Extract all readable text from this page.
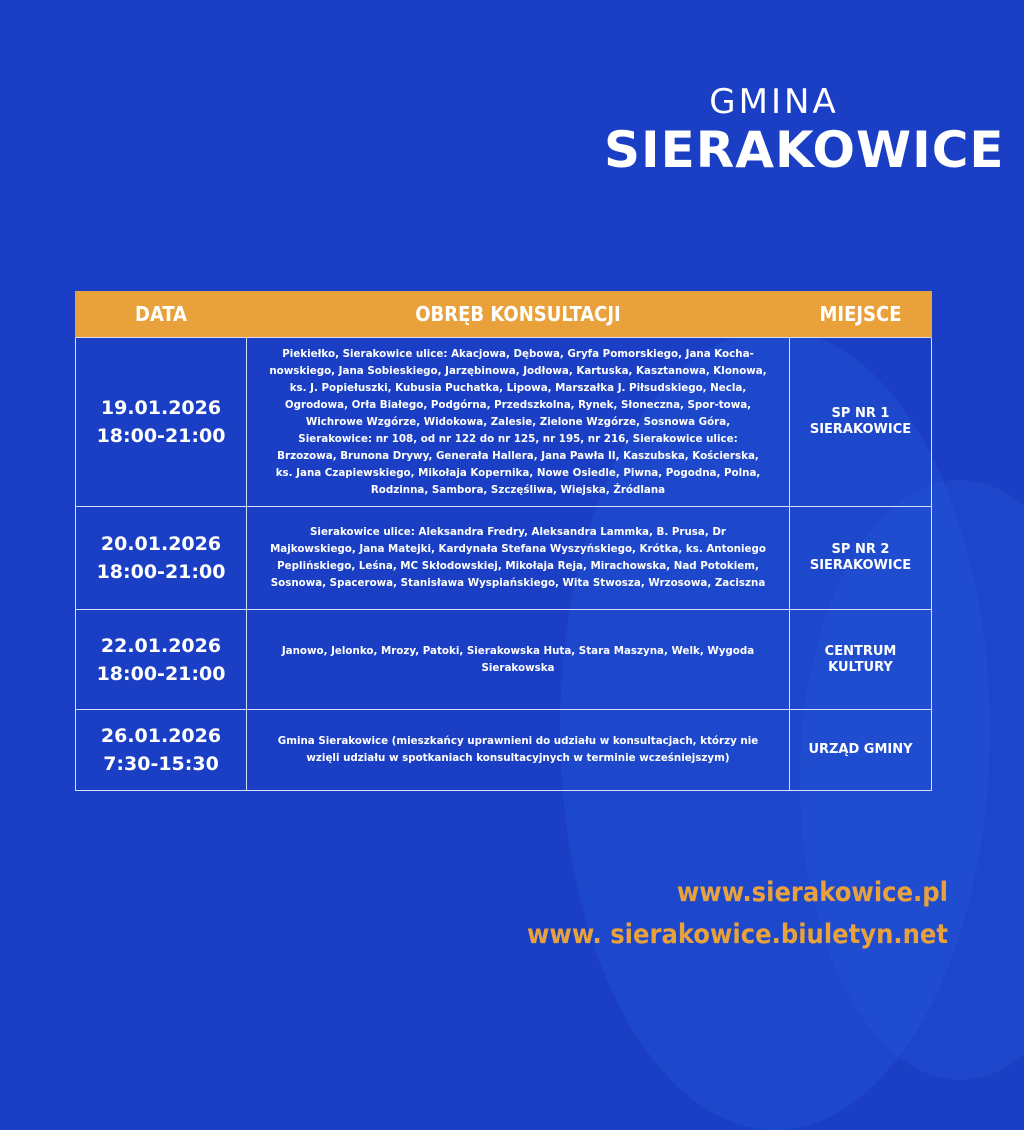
GMINA
SIERAKOWICE
DATA	OBRĘB KONSULTACJI	MIEJSCE

19.01.2026
18:00-21:00	Piekiełko, Sierakowice ulice: Akacjowa, Dębowa, Gryfa Pomorskiego, Jana Kocha-nowskiego, Jana Sobieskiego, Jarzębinowa, Jodłowa, Kartuska, Kasztanowa, Klonowa, ks. J. Popiełuszki, Kubusia Puchatka, Lipowa, Marszałka J. Piłsudskiego, Necla, Ogrodowa, Orła Białego, Podgórna, Przedszkolna, Rynek, Słoneczna, Spor-towa, Wichrowe Wzgórze, Widokowa, Zalesie, Zielone Wzgórze, Sosnowa Góra, Sierakowice: nr 108, od nr 122 do nr 125, nr 195, nr 216, Sierakowice ulice: Brzozowa, Brunona Drywy, Generała Hallera, Jana Pawła II, Kaszubska, Kościerska, ks. Jana Czapiewskiego, Mikołaja Kopernika, Nowe Osiedle, Piwna, Pogodna, Polna, Rodzinna, Sambora, Szczęśliwa, Wiejska, Źródlana	SP NR 1 SIERAKOWICE

20.01.2026
18:00-21:00	Sierakowice ulice: Aleksandra Fredry, Aleksandra Lammka, B. Prusa, Dr Majkowskiego, Jana Matejki, Kardynała Stefana Wyszyńskiego, Krótka, ks. Antoniego Peplińskiego, Leśna, MC Skłodowskiej, Mikołaja Reja, Mirachowska, Nad Potokiem, Sosnowa, Spacerowa, Stanisława Wyspiańskiego, Wita Stwosza, Wrzosowa, Zaciszna	SP NR 2 SIERAKOWICE

22.01.2026
18:00-21:00	Janowo, Jelonko, Mrozy, Patoki, Sierakowska Huta, Stara Maszyna, Welk, Wygoda Sierakowska	CENTRUM KULTURY

26.01.2026
7:30-15:30	Gmina Sierakowice (mieszkańcy uprawnieni do udziału w konsultacjach, którzy nie wzięli udziału w spotkaniach konsultacyjnych w terminie wcześniejszym)	URZĄD GMINY
www.sierakowice.pl
www. sierakowice.biuletyn.net
